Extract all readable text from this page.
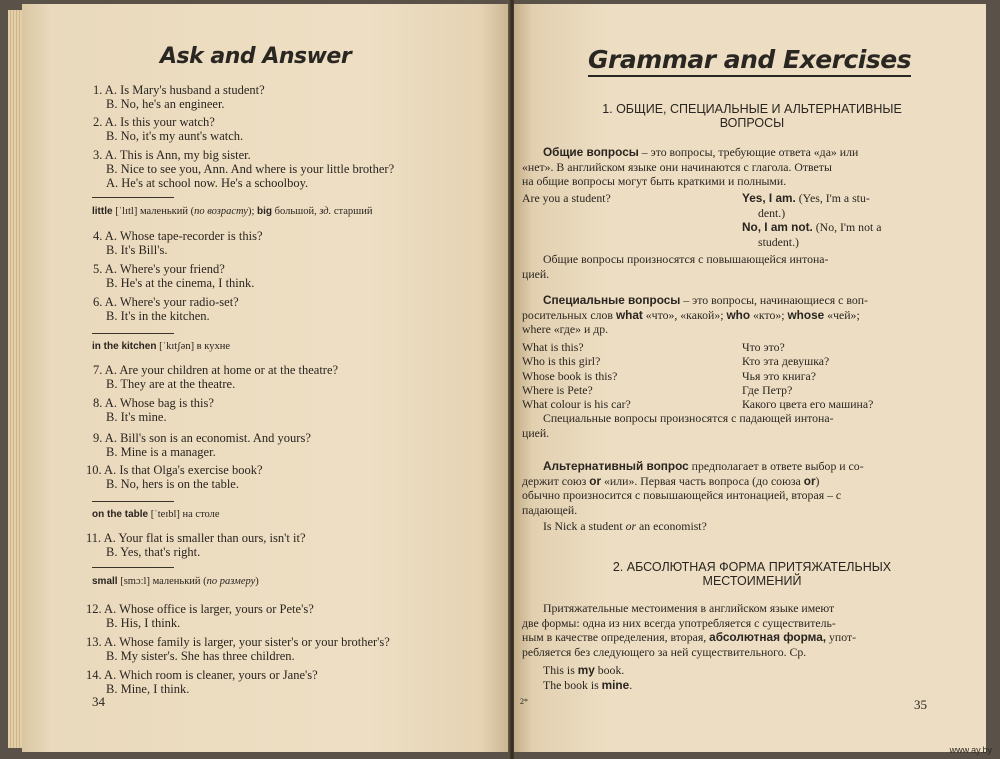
Ask and Answer
1. A. Is Mary's husband a student?
B. No, he's an engineer.
2. A. Is this your watch?
B. No, it's my aunt's watch.
3. A. This is Ann, my big sister.
B. Nice to see you, Ann. And where is your little brother?
A. He's at school now. He's a schoolboy.
4. A. Whose tape-recorder is this?
B. It's Bill's.
5. A. Where's your friend?
B. He's at the cinema, I think.
6. A. Where's your radio-set?
B. It's in the kitchen.
7. A. Are your children at home or at the theatre?
B. They are at the theatre.
8. A. Whose bag is this?
B. It's mine.
9. A. Bill's son is an economist. And yours?
B. Mine is a manager.
10. A. Is that Olga's exercise book?
B. No, hers is on the table.
11. A. Your flat is smaller than ours, isn't it?
B. Yes, that's right.
12. A. Whose office is larger, yours or Pete's?
B. His, I think.
13. A. Whose family is larger, your sister's or your brother's?
B. My sister's. She has three children.
14. A. Which room is cleaner, yours or Jane's?
B. Mine, I think.
little [ˈlɪtl] маленький (по возрасту); big большой, зд. старший
in the kitchen [ˈkɪtʃən] в кухне
on the table [ˈteɪbl] на столе
small [smɔːl] маленький (по размеру)
34
Grammar and Exercises
1. ОБЩИЕ, СПЕЦИАЛЬНЫЕ И АЛЬТЕРНАТИВНЫЕ
ВОПРОСЫ
Общие вопросы – это вопросы, требующие ответа «да» или
«нет». В английском языке они начинаются с глагола. Ответы
на общие вопросы могут быть краткими и полными.
Are you a student?	Yes, I am. (Yes, I'm a stu-
dent.)
No, I am not. (No, I'm not a
student.)
Общие вопросы произносятся с повышающейся интона-
цией.
Специальные вопросы – это вопросы, начинающиеся с воп-
росительных слов what «что», «какой»; who «кто»; whose «чей»;
where «где» и др.
What is this?	Что это?
Who is this girl?	Кто эта девушка?
Whose book is this?	Чья это книга?
Where is Pete?	Где Петр?
What colour is his car?	Какого цвета его машина?
Специальные вопросы произносятся с падающей интона-
цией.
Альтернативный вопрос предполагает в ответе выбор и со-
держит союз or «или». Первая часть вопроса (до союза or)
обычно произносится с повышающейся интонацией, вторая – с
падающей.
Is Nick a student or an economist?
2. АБСОЛЮТНАЯ ФОРМА ПРИТЯЖАТЕЛЬНЫХ
МЕСТОИМЕНИЙ
Притяжательные местоимения в английском языке имеют
две формы: одна из них всегда употребляется с существитель-
ным в качестве определения, вторая, абсолютная форма, упот-
ребляется без следующего за ней существительного. Ср.
This is my book.
The book is mine.
2*	35
www.ay.by
